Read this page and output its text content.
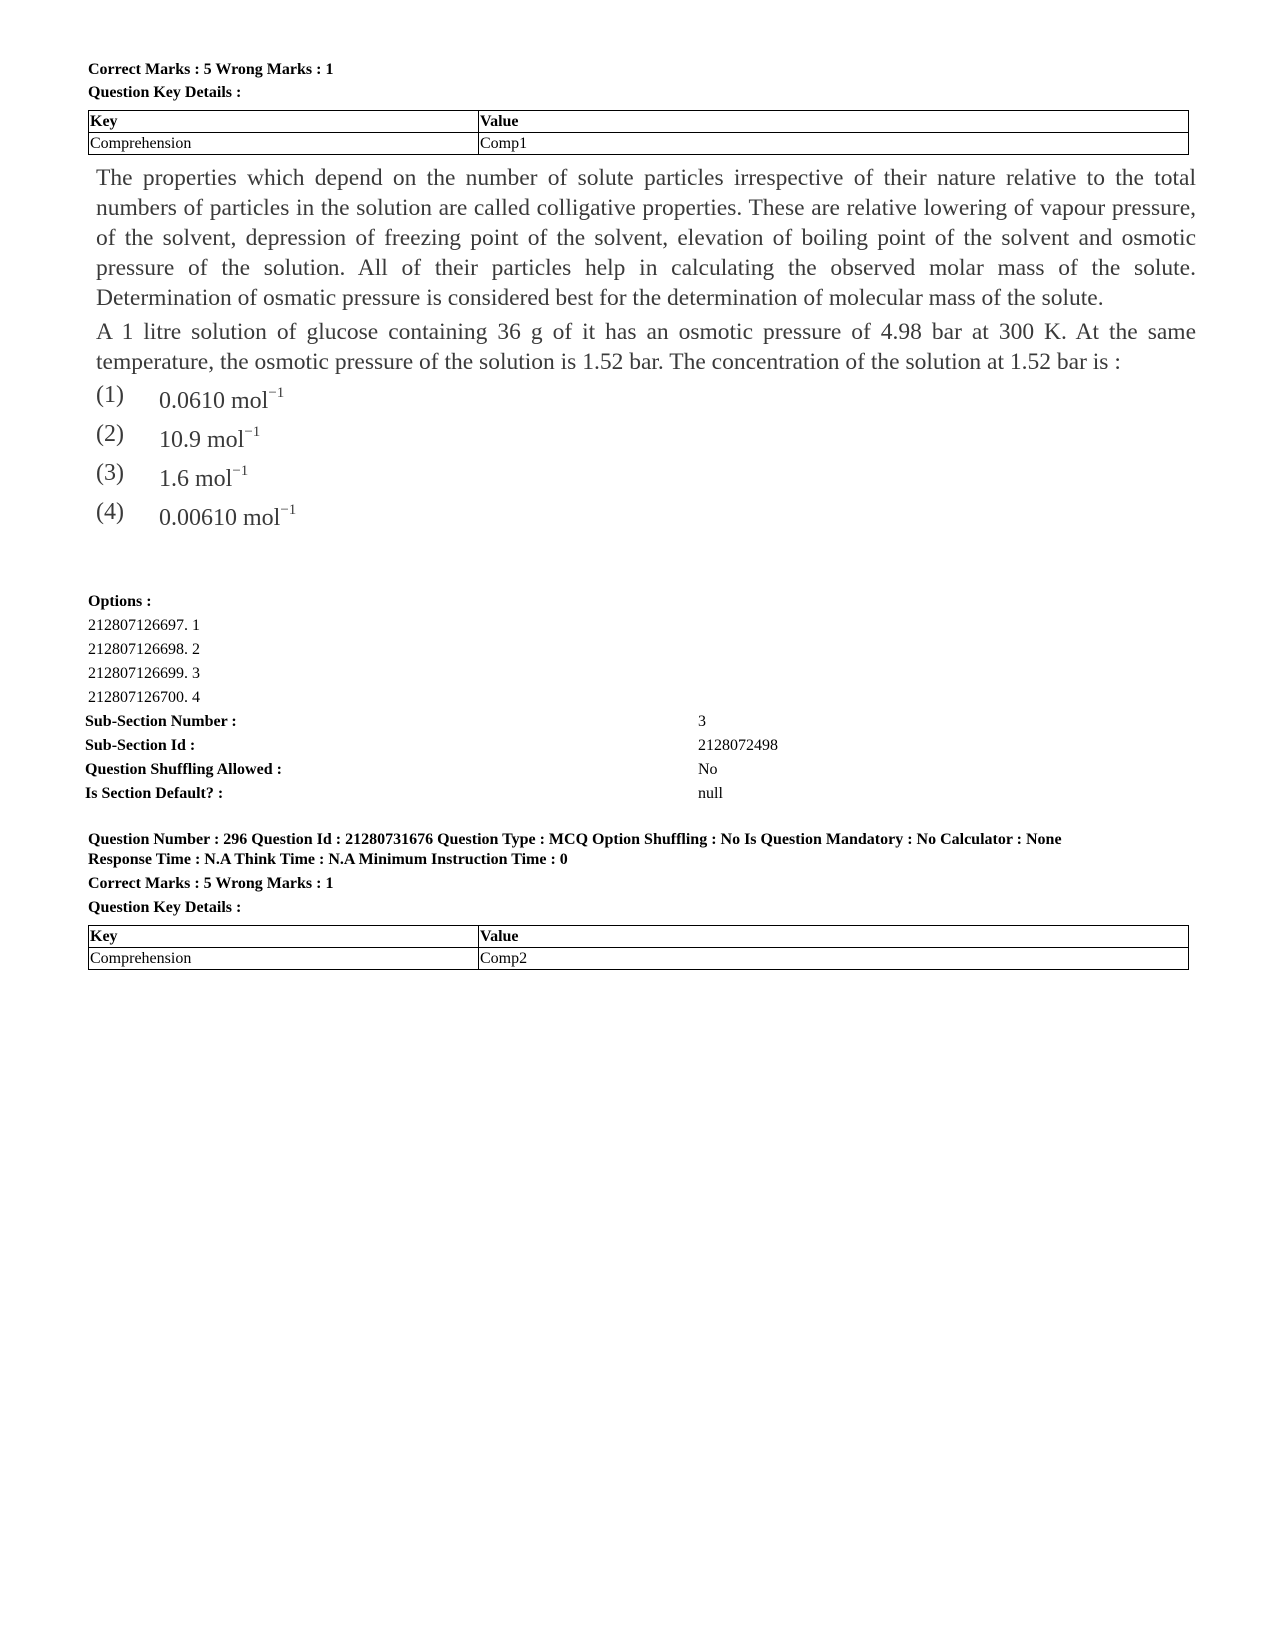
Correct Marks : 5 Wrong Marks : 1
Question Key Details :
Key	Value
Comprehension	Comp1

The properties which depend on the number of solute particles irrespective of their nature relative to the total numbers of particles in the solution are called colligative properties. These are relative lowering of vapour pressure, of the solvent, depression of freezing point of the solvent, elevation of boiling point of the solvent and osmotic pressure of the solution. All of their particles help in calculating the observed molar mass of the solute. Determination of osmatic pressure is considered best for the determination of molecular mass of the solute.

A 1 litre solution of glucose containing 36 g of it has an osmotic pressure of 4.98 bar at 300 K. At the same temperature, the osmotic pressure of the solution is 1.52 bar. The concentration of the solution at 1.52 bar is :

(1)	0.0610 mol$^{-1}$
(2)	10.9 mol$^{-1}$
(3)	1.6 mol$^{-1}$
(4)	0.00610 mol$^{-1}$
Options :
212807126697. 1
212807126698. 2
212807126699. 3
212807126700. 4
Sub-Section Number :	3
Sub-Section Id :	2128072498
Question Shuffling Allowed :	No
Is Section Default? :	null
Question Number : 296 Question Id : 21280731676 Question Type : MCQ Option Shuffling : No Is Question Mandatory : No Calculator : None
Response Time : N.A Think Time : N.A Minimum Instruction Time : 0
Correct Marks : 5 Wrong Marks : 1
Question Key Details :
Key	Value
Comprehension	Comp2
